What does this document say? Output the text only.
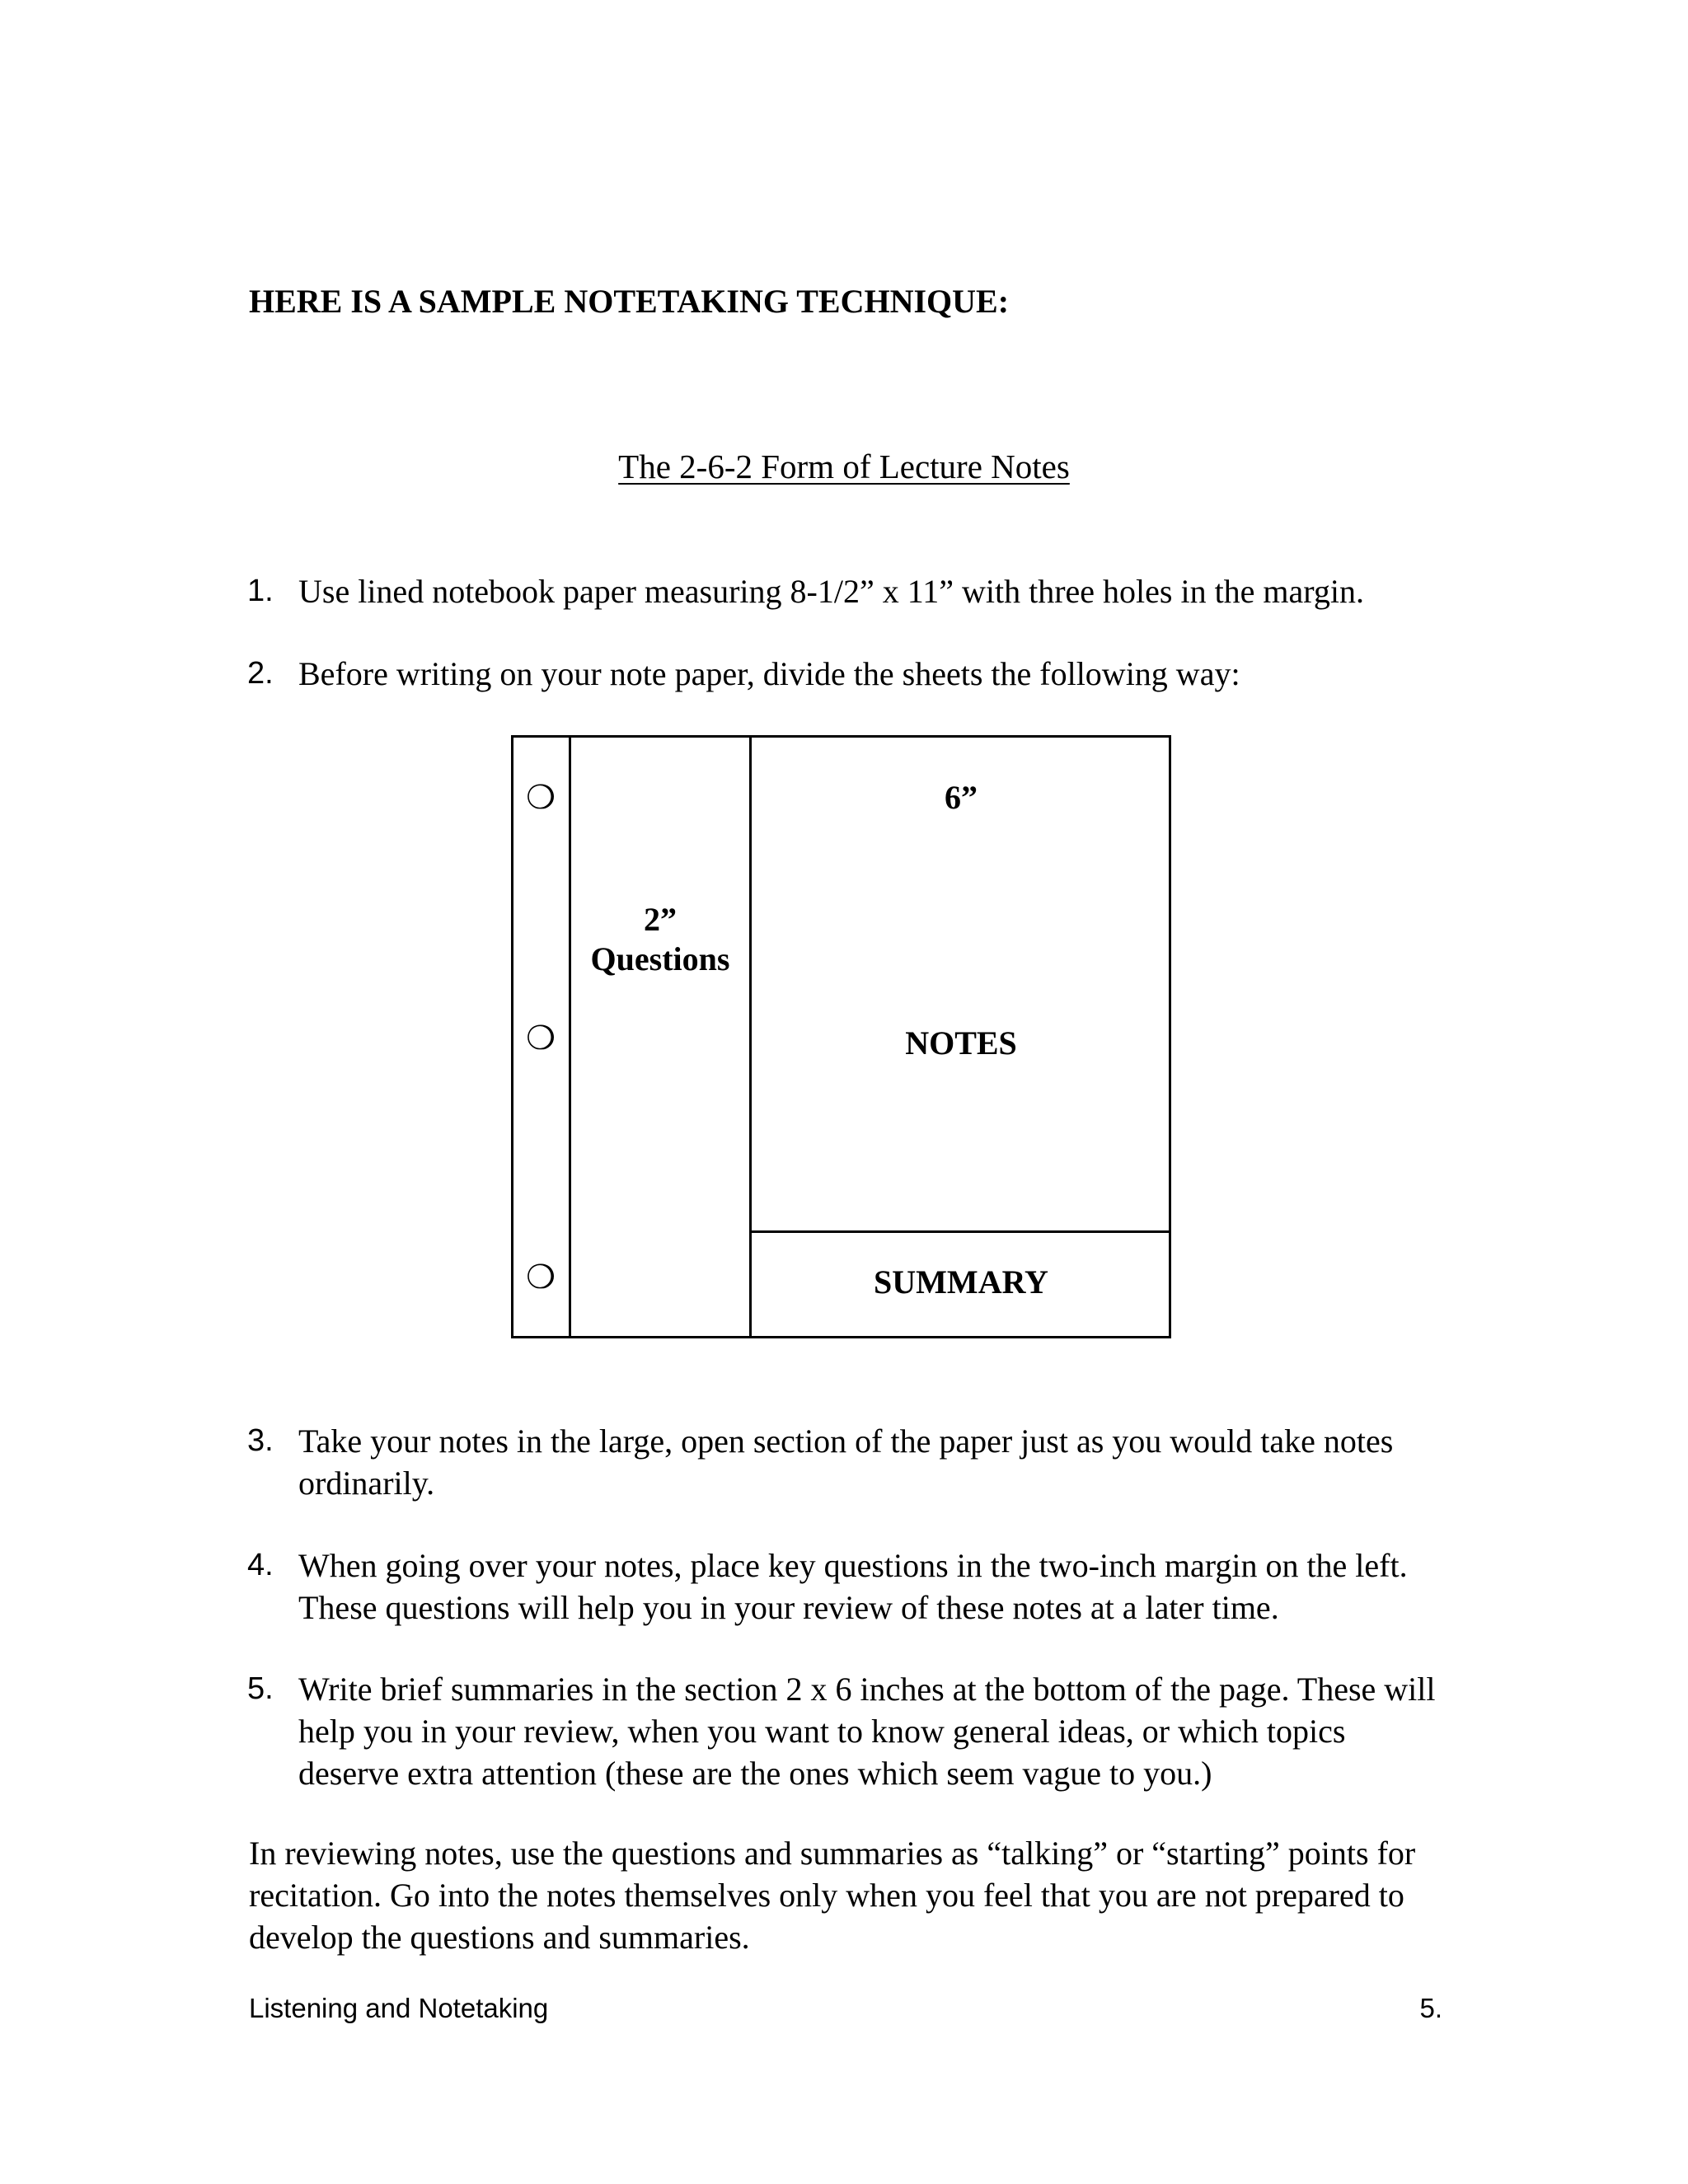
HERE IS A SAMPLE NOTETAKING TECHNIQUE:
The 2-6-2 Form of Lecture Notes
1. Use lined notebook paper measuring 8-1/2” x 11” with three holes in the margin.
2. Before writing on your note paper, divide the sheets the following way:
❍
❍
❍
2”
Questions
6”
NOTES
SUMMARY
3. Take your notes in the large, open section of the paper just as you would take notes ordinarily.
4. When going over your notes, place key questions in the two-inch margin on the left. These questions will help you in your review of these notes at a later time.
5. Write brief summaries in the section 2 x 6 inches at the bottom of the page. These will help you in your review, when you want to know general ideas, or which topics deserve extra attention (these are the ones which seem vague to you.)
In reviewing notes, use the questions and summaries as “talking” or “starting” points for recitation. Go into the notes themselves only when you feel that you are not prepared to develop the questions and summaries.
Listening and Notetaking	5.
